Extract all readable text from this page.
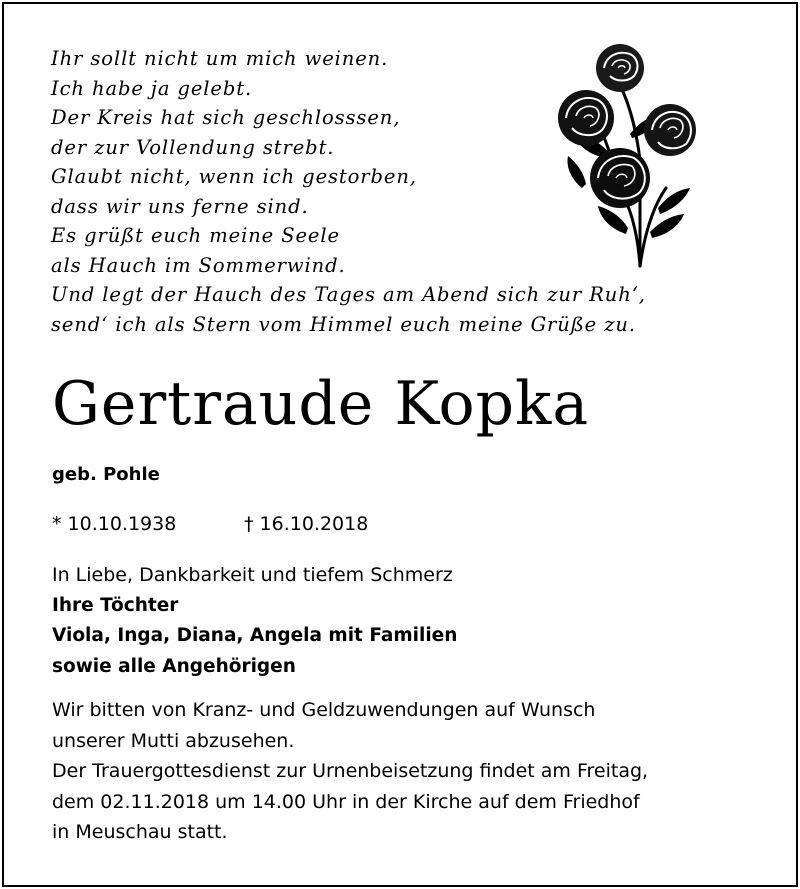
Ihr sollt nicht um mich weinen.
Ich habe ja gelebt.
Der Kreis hat sich geschlosssen,
der zur Vollendung strebt.
Glaubt nicht, wenn ich gestorben,
dass wir uns ferne sind.
Es grüßt euch meine Seele
als Hauch im Sommerwind.
Und legt der Hauch des Tages am Abend sich zur Ruh‘,
send‘ ich als Stern vom Himmel euch meine Grüße zu.
Gertraude Kopka
geb. Pohle
* 10.10.1938	† 16.10.2018
In Liebe, Dankbarkeit und tiefem Schmerz
Ihre Töchter
Viola, Inga, Diana, Angela mit Familien
sowie alle Angehörigen
Wir bitten von Kranz- und Geldzuwendungen auf Wunsch
unserer Mutti abzusehen.
Der Trauergottesdienst zur Urnenbeisetzung findet am Freitag,
dem 02.11.2018 um 14.00 Uhr in der Kirche auf dem Friedhof
in Meuschau statt.
